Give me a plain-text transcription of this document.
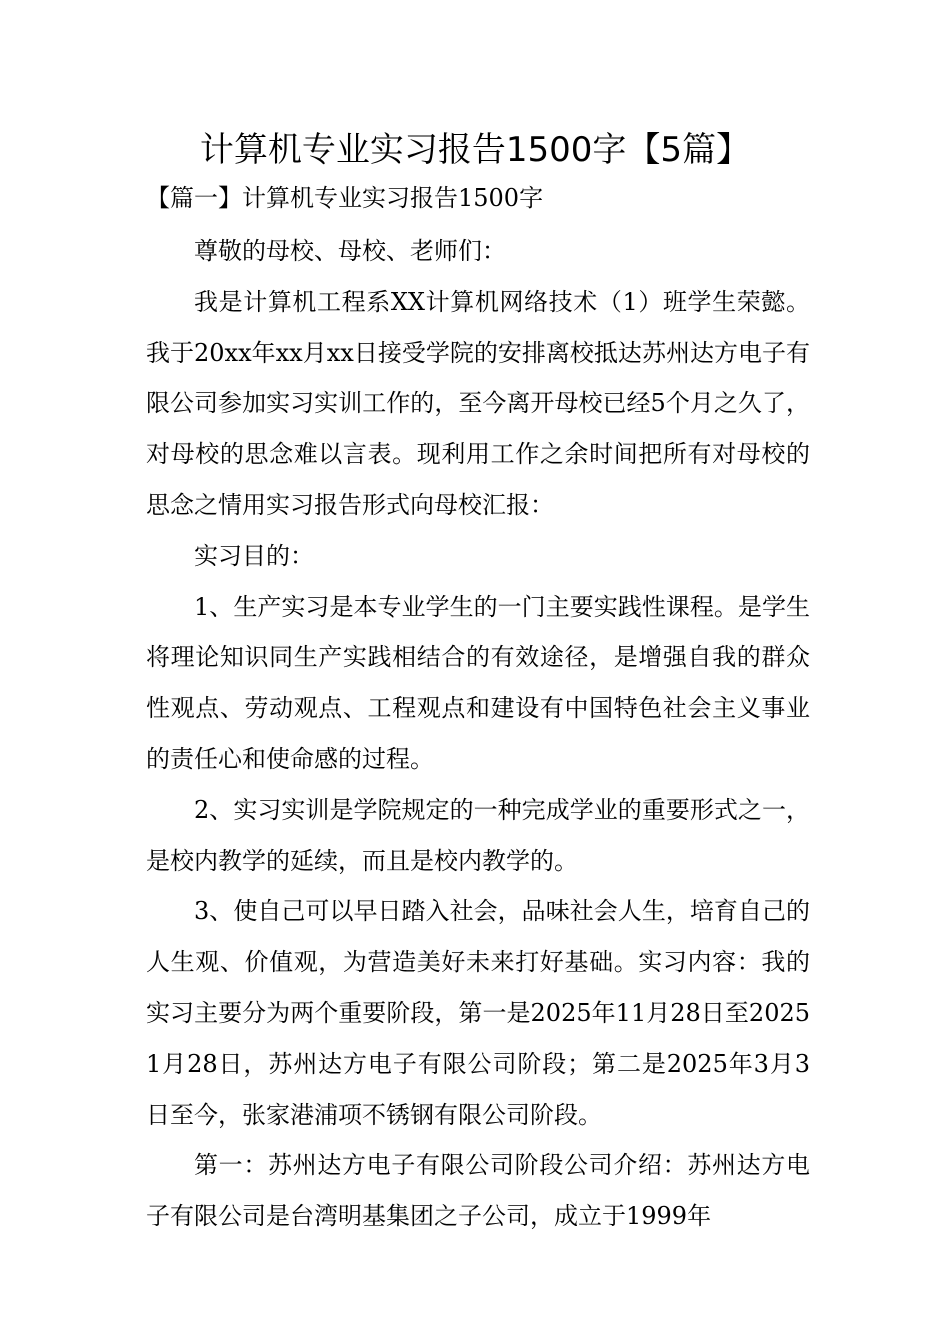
计算机专业实习报告1500字【5篇】
【篇一】计算机专业实习报告1500字

尊敬的母校、母校、老师们：

我是计算机工程系XX计算机网络技术（1）班学生荣懿。我于20xx年xx月xx日接受学院的安排离校抵达苏州达方电子有限公司参加实习实训工作的，至今离开母校已经5个月之久了，对母校的思念难以言表。现利用工作之余时间把所有对母校的思念之情用实习报告形式向母校汇报：

实习目的：

1、生产实习是本专业学生的一门主要实践性课程。是学生将理论知识同生产实践相结合的有效途径，是增强自我的群众性观点、劳动观点、工程观点和建设有中国特色社会主义事业的责任心和使命感的过程。

2、实习实训是学院规定的一种完成学业的重要形式之一，是校内教学的延续，而且是校内教学的。

3、使自己可以早日踏入社会，品味社会人生，培育自己的人生观、价值观，为营造美好未来打好基础。实习内容：我的实习主要分为两个重要阶段，第一是2025年11月28日至20251月28日，苏州达方电子有限公司阶段；第二是2025年3月3日至今，张家港浦项不锈钢有限公司阶段。

第一：苏州达方电子有限公司阶段公司介绍：苏州达方电子有限公司是台湾明基集团之子公司，成立于1999年
